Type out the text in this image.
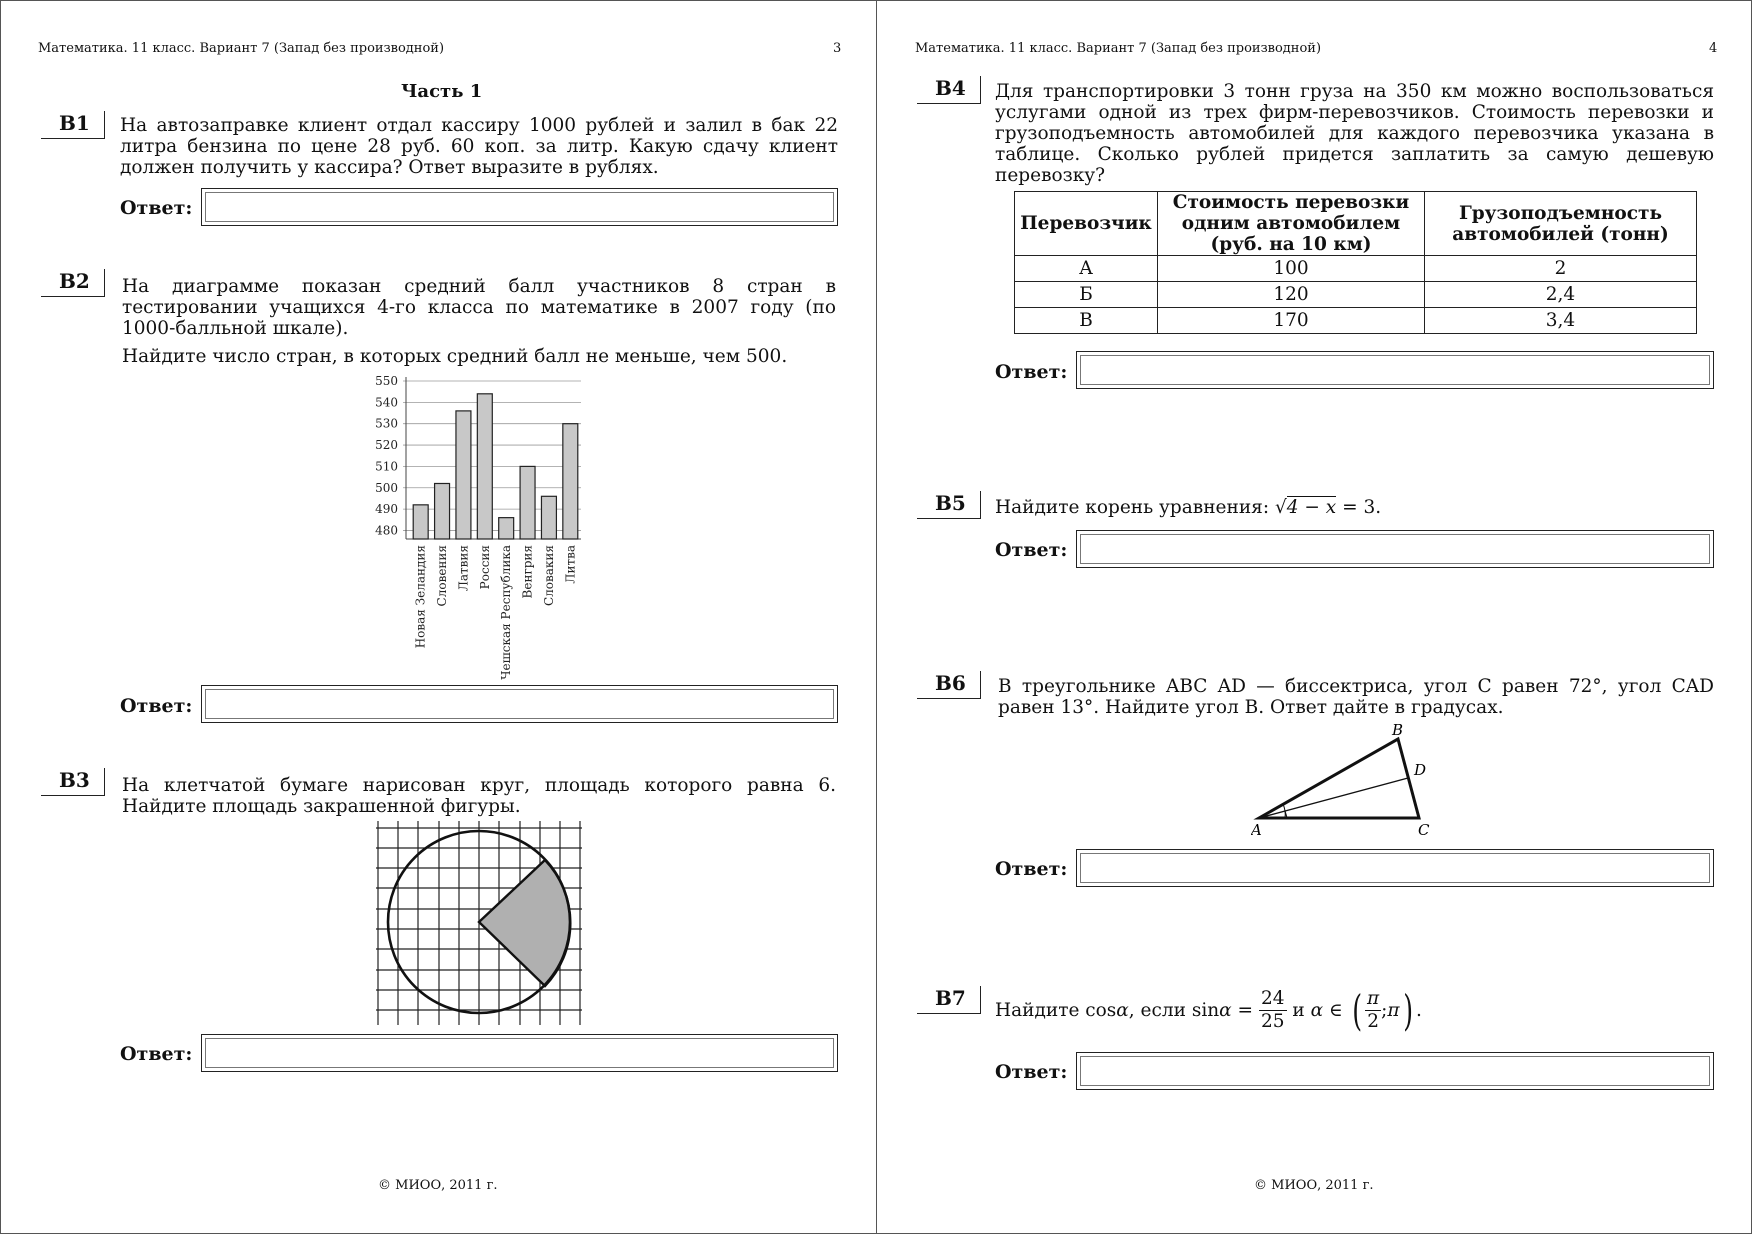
Математика. 11 класс. Вариант 7 (Запад без производной)	3
Часть 1
B1	На автозаправке клиент отдал кассиру 1000 рублей и залил в бак 22 литра бензина по цене 28 руб. 60 коп. за литр. Какую сдачу клиент должен получить у кассира? Ответ выразите в рублях.
Ответ:
B2	На диаграмме показан средний балл участников 8 стран в тестировании учащихся 4-го класса по математике в 2007 году (по 1000-балльной шкале).
Найдите число стран, в которых средний балл не меньше, чем 500.
480
490
500
510
520
530
540
550
Новая Зеландия Словения Латвия Россия Чешская Республика Венгрия Словакия Литва
Ответ:
B3	На клетчатой бумаге нарисован круг, площадь которого равна 6. Найдите площадь закрашенной фигуры.
Ответ:
© МИОО, 2011 г.
Математика. 11 класс. Вариант 7 (Запад без производной)	4
B4	Для транспортировки 3 тонн груза на 350 км можно воспользоваться услугами одной из трех фирм-перевозчиков. Стоимость перевозки и грузоподъемность автомобилей для каждого перевозчика указана в таблице. Сколько рублей придется заплатить за самую дешевую перевозку?
Перевозчик	Стоимость перевозки одним автомобилем (руб. на 10 км)	Грузоподъемность автомобилей (тонн)
А	100	2
Б	120	2,4
В	170	3,4
Ответ:
B5	Найдите корень уравнения: √4 − x = 3.
Ответ:
B6	В треугольнике ABC AD — биссектриса, угол C равен 72°, угол CAD равен 13°. Найдите угол B. Ответ дайте в градусах.
A
B
C
D
Ответ:
B7
Найдите cos α , если
sin α
=
$\frac{24}{25}$
и
α
∈
( $\frac{\pi}{2}$ ; π ) .
Ответ:
© МИОО, 2011 г.
